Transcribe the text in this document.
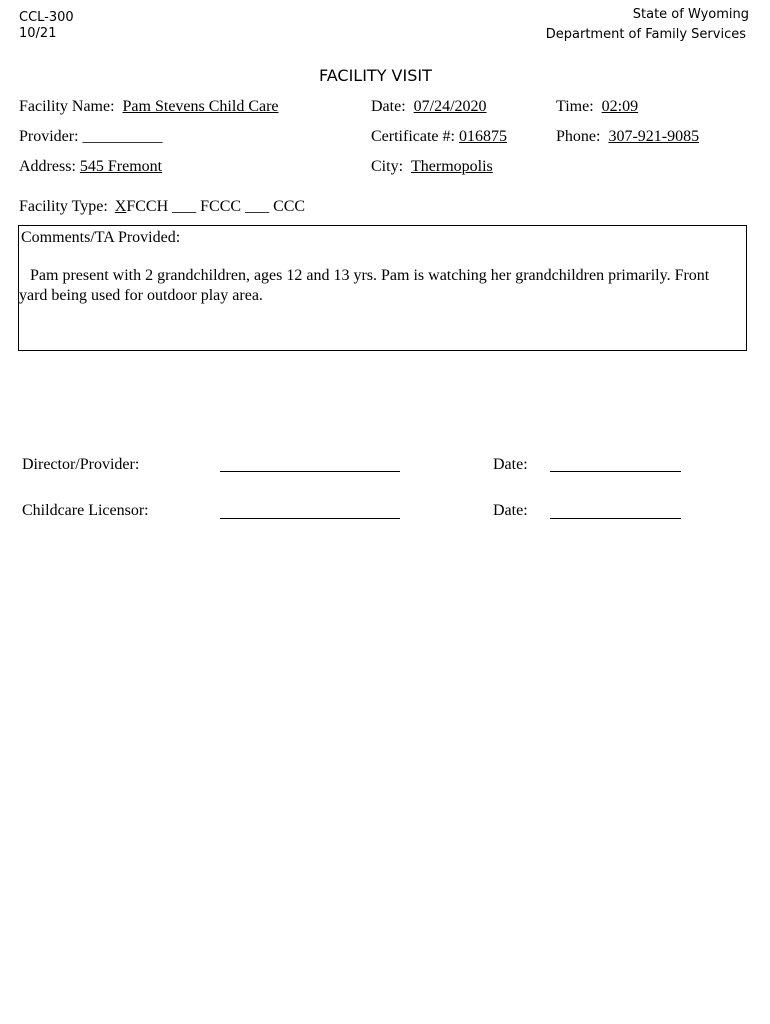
CCL-300
10/21
State of Wyoming
Department of Family Services
FACILITY VISIT
Facility Name: Pam Stevens Child Care	Date: 07/24/2020	Time: 02:09
Provider: __________	Certificate #: 016875	Phone: 307-921-9085
Address: 545 Fremont	City: Thermopolis
Facility Type: XFCCH ___ FCCC ___ CCC
Comments/TA Provided:
Pam present with 2 grandchildren, ages 12 and 13 yrs. Pam is watching her grandchildren primarily. Front yard being used for outdoor play area.
Director/Provider:	Date:
Childcare Licensor:	Date:
